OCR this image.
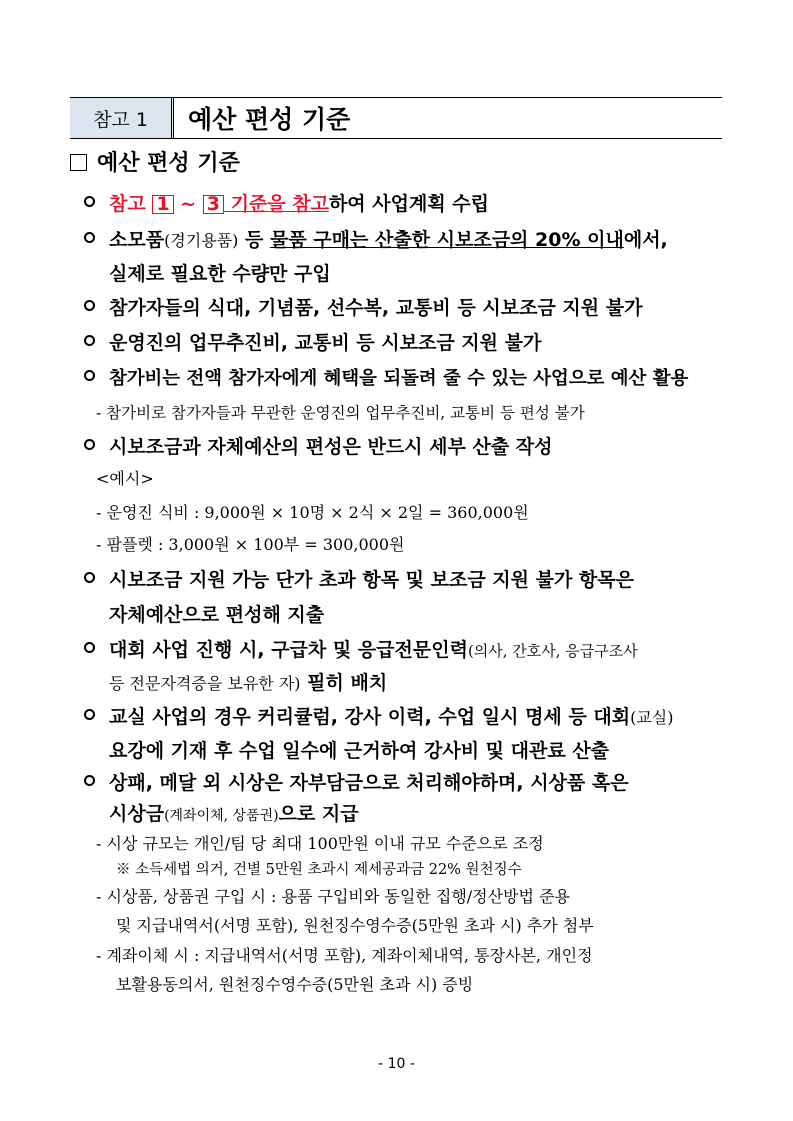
참고 1	예산 편성 기준
예산 편성 기준
참고 1 ~ 3 기준을 참고하여 사업계획 수립
소모품(경기용품) 등 물품 구매는 산출한 시보조금의 20% 이내에서,
실제로 필요한 수량만 구입
참가자들의 식대, 기념품, 선수복, 교통비 등 시보조금 지원 불가
운영진의 업무추진비, 교통비 등 시보조금 지원 불가
참가비는 전액 참가자에게 혜택을 되돌려 줄 수 있는 사업으로 예산 활용
- 참가비로 참가자들과 무관한 운영진의 업무추진비, 교통비 등 편성 불가
시보조금과 자체예산의 편성은 반드시 세부 산출 작성
<예시>
- 운영진 식비 : 9,000원 × 10명 × 2식 × 2일 = 360,000원
- 팜플렛 : 3,000원 × 100부 = 300,000원
시보조금 지원 가능 단가 초과 항목 및 보조금 지원 불가 항목은
자체예산으로 편성해 지출
대회 사업 진행 시, 구급차 및 응급전문인력(의사, 간호사, 응급구조사
등 전문자격증을 보유한 자) 필히 배치
교실 사업의 경우 커리큘럼, 강사 이력, 수업 일시 명세 등 대회(교실)
요강에 기재 후 수업 일수에 근거하여 강사비 및 대관료 산출
상패, 메달 외 시상은 자부담금으로 처리해야하며, 시상품 혹은
시상금(계좌이체, 상품권)으로 지급
- 시상 규모는 개인/팀 당 최대 100만원 이내 규모 수준으로 조정
※ 소득세법 의거, 건별 5만원 초과시 제세공과금 22% 원천징수
- 시상품, 상품권 구입 시 : 용품 구입비와 동일한 집행/정산방법 준용
및 지급내역서(서명 포함), 원천징수영수증(5만원 초과 시) 추가 첨부
- 계좌이체 시 : 지급내역서(서명 포함), 계좌이체내역, 통장사본, 개인정
보활용동의서, 원천징수영수증(5만원 초과 시) 증빙
- 10 -
